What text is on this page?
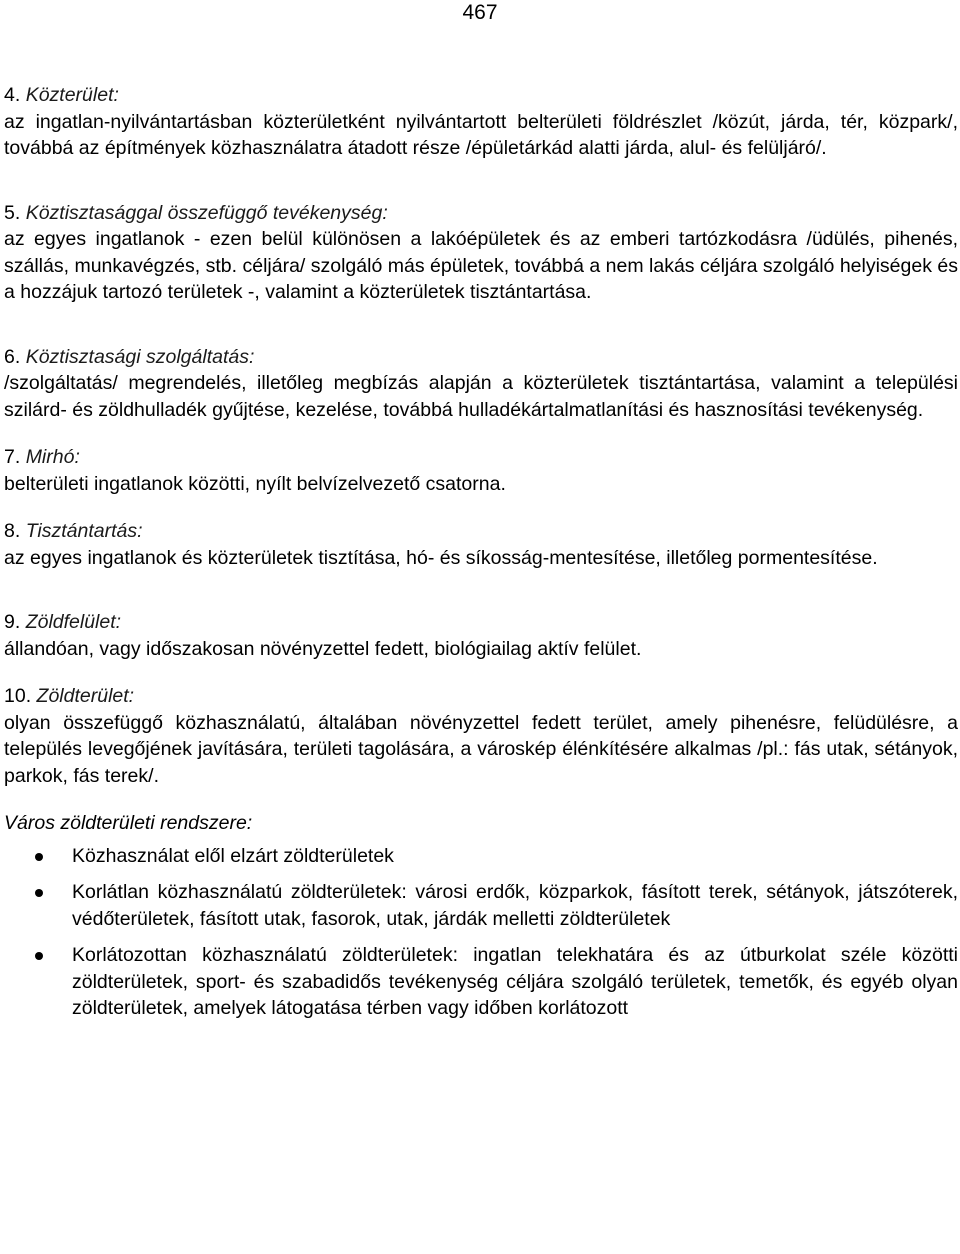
467

4. Közterület:

az ingatlan-nyilvántartásban közterületként nyilvántartott belterületi földrészlet /közút, járda, tér, közpark/, továbbá az építmények közhasználatra átadott része /épületárkád alatti járda, alul- és felüljáró/.

5. Köztisztasággal összefüggő tevékenység:

az egyes ingatlanok - ezen belül különösen a lakóépületek és az emberi tartózkodásra /üdülés, pihenés, szállás, munkavégzés, stb. céljára/ szolgáló más épületek, továbbá a nem lakás céljára szolgáló helyiségek és a hozzájuk tartozó területek -, valamint a közterületek tisztántartása.

6. Köztisztasági szolgáltatás:

/szolgáltatás/ megrendelés, illetőleg megbízás alapján a közterületek tisztántartása, valamint a települési szilárd- és zöldhulladék gyűjtése, kezelése, továbbá hulladékártalmatlanítási és hasznosítási tevékenység.

7. Mirhó:

belterületi ingatlanok közötti, nyílt belvízelvezető csatorna.

8. Tisztántartás:

az egyes ingatlanok és közterületek tisztítása, hó- és síkosság-mentesítése, illetőleg pormentesítése.

9. Zöldfelület:

állandóan, vagy időszakosan növényzettel fedett, biológiailag aktív felület.

10. Zöldterület:

olyan összefüggő közhasználatú, általában növényzettel fedett terület, amely pihenésre, felüdülésre, a település levegőjének javítására, területi tagolására, a városkép élénkítésére alkalmas /pl.: fás utak, sétányok, parkok, fás terek/.

Város zöldterületi rendszere:

Közhasználat elől elzárt zöldterületek
Korlátlan közhasználatú zöldterületek: városi erdők, közparkok, fásított terek, sétányok, játszóterek, védőterületek, fásított utak, fasorok, utak, járdák melletti zöldterületek
Korlátozottan közhasználatú zöldterületek: ingatlan telekhatára és az útburkolat széle közötti zöldterületek, sport- és szabadidős tevékenység céljára szolgáló területek, temetők, és egyéb olyan zöldterületek, amelyek látogatása térben vagy időben korlátozott
